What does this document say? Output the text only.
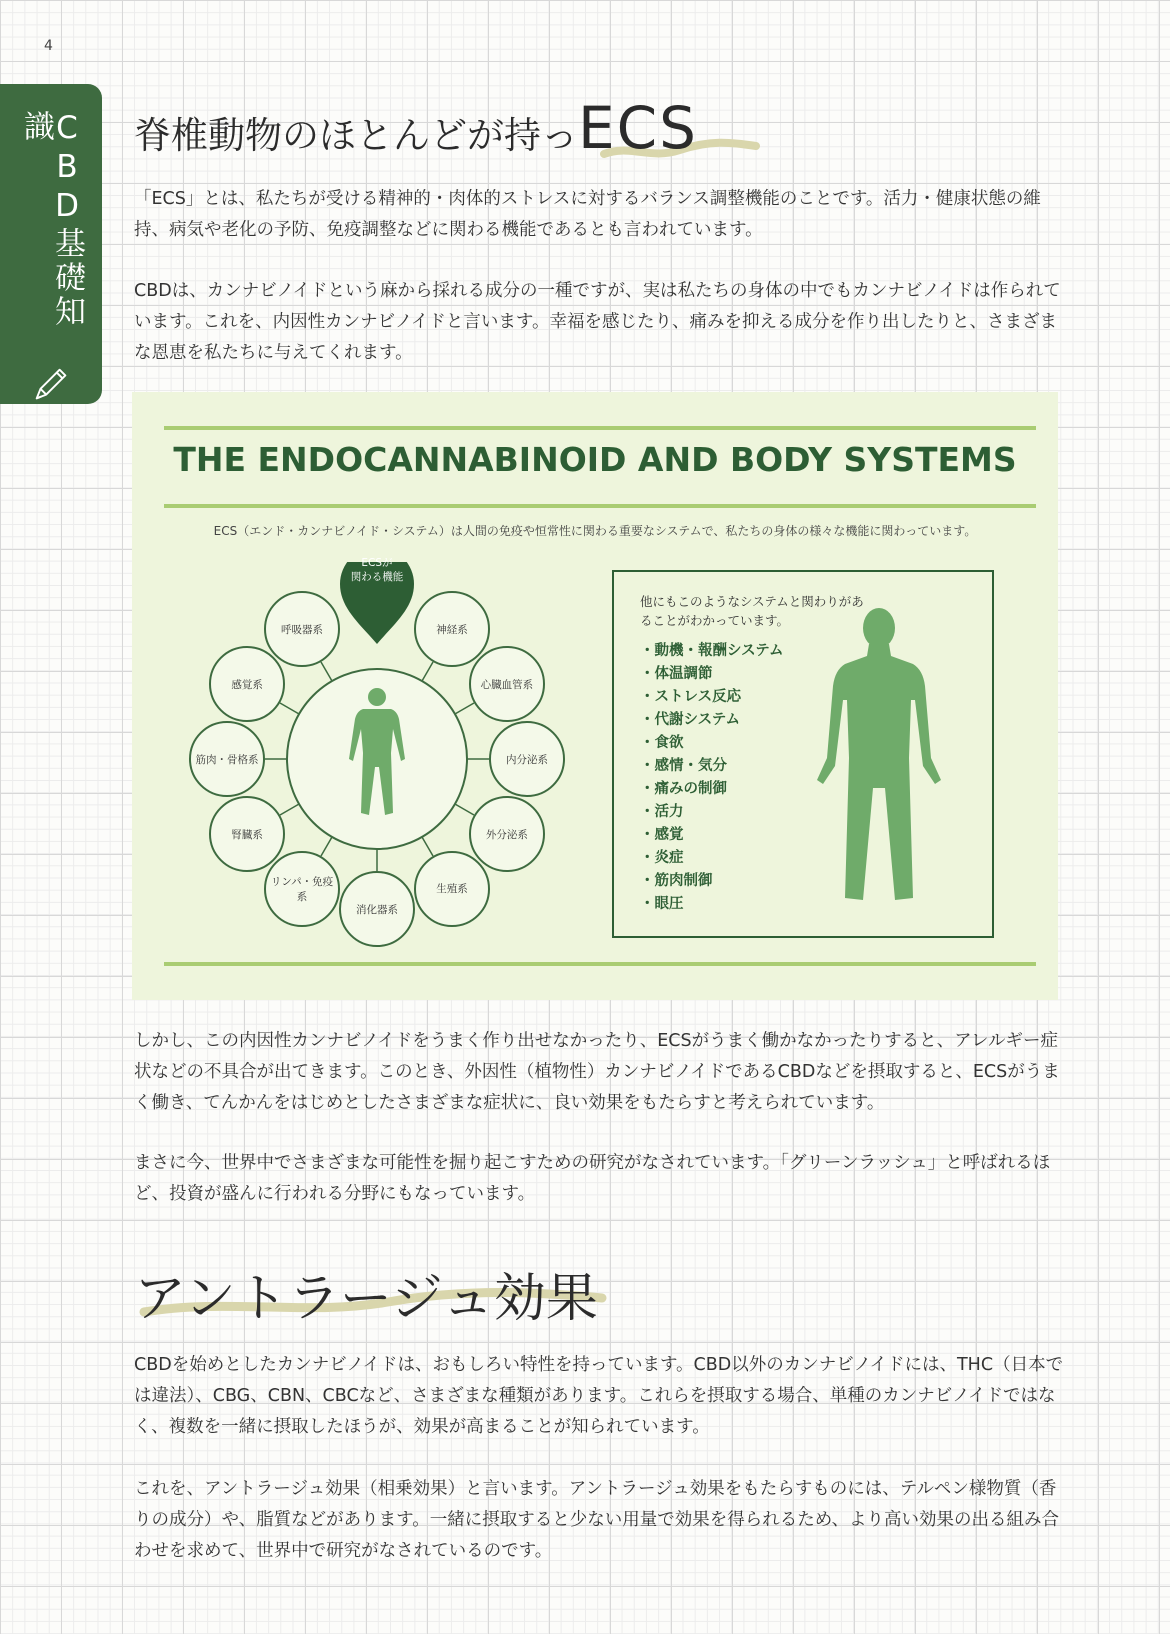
4
CBD基礎知識	脊椎動物のほとんどが持っECS

「ECS」とは、私たちが受ける精神的・肉体的ストレスに対するバランス調整機能のことです。活力・健康状態の維持、病気や老化の予防、免疫調整などに関わる機能であるとも言われています。

CBDは、カンナビノイドという麻から採れる成分の一種ですが、実は私たちの身体の中でもカンナビノイドは作られています。これを、内因性カンナビノイドと言います。幸福を感じたり、痛みを抑える成分を作り出したりと、さまざまな恩恵を私たちに与えてくれます。

THE ENDOCANNABINOID AND BODY SYSTEMS
ECS（エンド・カンナビノイド・システム）は人間の免疫や恒常性に関わる重要なシステムで、私たちの身体の様々な機能に関わっています。
ECSが
関わる機能
神経系
心臓血管系
内分泌系
外分泌系
生殖系
消化器系
リンパ・免疫系
腎臓系
筋肉・骨格系
感覚系
呼吸器系
他にもこのようなシステムと関わりがあることがわかっています。
・動機・報酬システム
・体温調節
・ストレス反応
・代謝システム
・食欲
・感情・気分
・痛みの制御
・活力
・感覚
・炎症
・筋肉制御
・眼圧

しかし、この内因性カンナビノイドをうまく作り出せなかったり、ECSがうまく働かなかったりすると、アレルギー症状などの不具合が出てきます。このとき、外因性（植物性）カンナビノイドであるCBDなどを摂取すると、ECSがうまく働き、てんかんをはじめとしたさまざまな症状に、良い効果をもたらすと考えられています。

まさに今、世界中でさまざまな可能性を掘り起こすための研究がなされています。「グリーンラッシュ」と呼ばれるほど、投資が盛んに行われる分野にもなっています。

アントラージュ効果

CBDを始めとしたカンナビノイドは、おもしろい特性を持っています。CBD以外のカンナビノイドには、THC（日本では違法）、CBG、CBN、CBCなど、さまざまな種類があります。これらを摂取する場合、単種のカンナビノイドではなく、複数を一緒に摂取したほうが、効果が高まることが知られています。

これを、アントラージュ効果（相乗効果）と言います。アントラージュ効果をもたらすものには、テルペン様物質（香りの成分）や、脂質などがあります。一緒に摂取すると少ない用量で効果を得られるため、より高い効果の出る組み合わせを求めて、世界中で研究がなされているのです。
